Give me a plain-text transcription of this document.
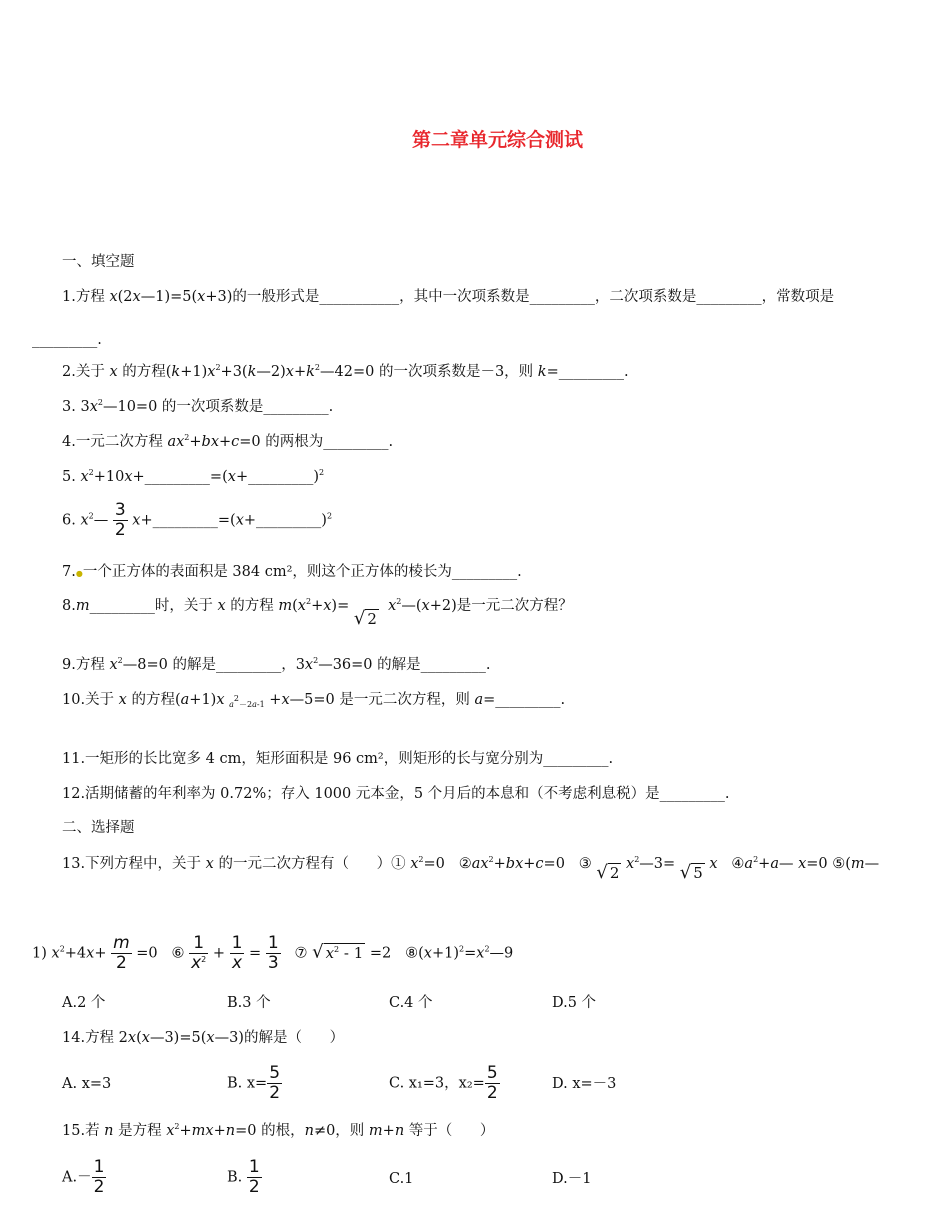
第二章单元综合测试
一、填空题
1.方程 x(2x—1)=5(x+3)的一般形式是___________，其中一次项系数是_________，二次项系数是_________，常数项是
_________.
2.关于 x 的方程$(k+1)x^2+3(k—2)x+k^2—42=0$ 的一次项系数是－3，则 k=_________.
3. $3x^2—10=0$ 的一次项系数是_________.
4.一元二次方程 $ax^2+bx+c=0$ 的两根为_________.
5. $x^2+10x+\_\_\_\_\_\_\_\_\_=(x+\_\_\_\_\_\_\_\_\_)^2$
6. $x^2— \frac{3}{2}$ x+_________=(x+_________)$^2$
7.●一个正方体的表面积是 384 cm²，则这个正方体的棱长为_________.
8.m_________时，关于 x 的方程 $m(x^2+x)=$ √ 2  $x^2—(x+2)$是一元二次方程？
9.方程 $x^2—8=0$ 的解是_________，$3x^2—36=0$ 的解是_________.
10.关于 x 的方程(a+1)x $_{a^2-2a-1}$ +x—5=0 是一元二次方程，则 a=_________.
11.一矩形的长比宽多 4 cm，矩形面积是 96 cm²，则矩形的长与宽分别为_________.
12.活期储蓄的年利率为 0.72%；存入 1000 元本金，5 个月后的本息和（不考虑利息税）是_________.
二、选择题
13.下列方程中，关于 x 的一元二次方程有（      ）① $x^2=0$   $②ax^2+bx+c=0$   ③ √ 2 $x^2—3=$ √ 5 x   $④a^2+a—$ x=0 ⑤(m—
1) $x^2+4x+ \frac{m}{2} =0$   ⑥ $\frac{1}{x^2} + \frac{1}{x} = \frac{1}{3}$ ⑦ √ $x^2 - 1 =2$   $⑧(x+1)^2=x^2—9$
A.2 个	B.3 个	C.4 个	D.5 个
14.方程 2x(x—3)=5(x—3)的解是（      ）
A. x=3	B. $x= \frac{5}{2}$	C. x₁=3，$x_2= \frac{5}{2}$	D. x=－3
15.若 n 是方程 $x^2+mx+n=0$ 的根，n≠0，则 m+n 等于（      ）
$A.- \frac{1}{2}$	B. $\frac{1}{2}$	C.1	D.－1
